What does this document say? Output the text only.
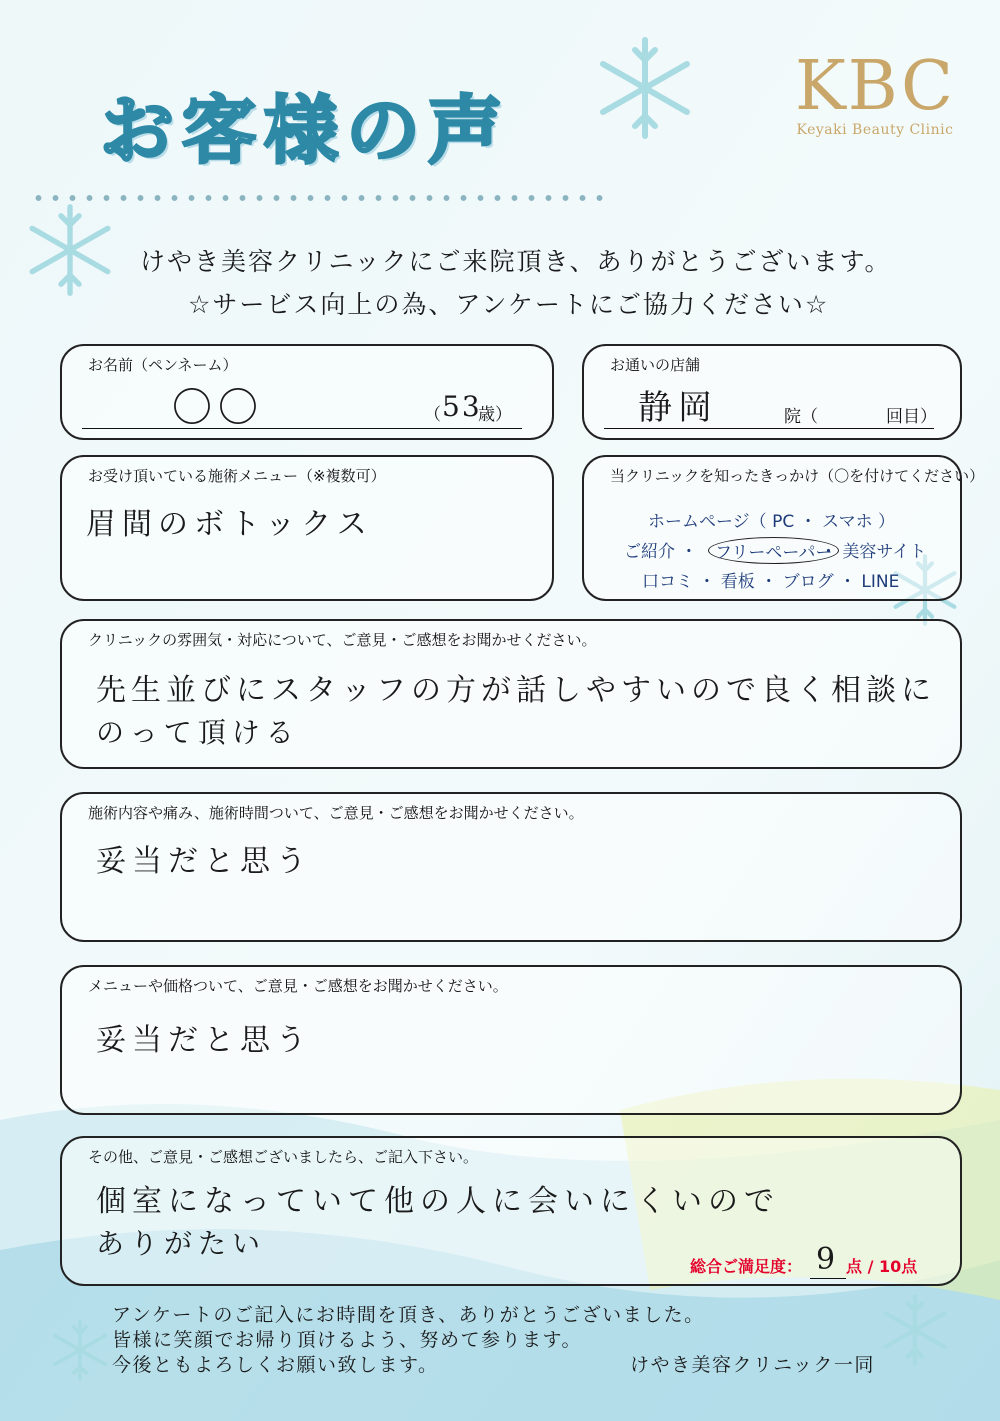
お客様の声
KBC
Keyaki Beauty Clinic
けやき美容クリニックにご来院頂き、ありがとうございます。
☆サービス向上の為、アンケートにご協力ください☆
お名前（ペンネーム）
〇〇	（ 53
歳）
お通いの店舗
静岡	院（　　　　回目）
お受け頂いている施術メニュー（※複数可）
眉間のボトックス
当クリニックを知ったきっかけ（〇を付けてください）
ホームページ（ PC ・ スマホ ）
ご紹介 ・	フリーペーパー
・ 美容サイト
口コミ ・ 看板 ・ ブログ ・ LINE
クリニックの雰囲気・対応について、ご意見・ご感想をお聞かせください。
先生並びにスタッフの方が話しやすいので良く相談に
のって頂ける
施術内容や痛み、施術時間ついて、ご意見・ご感想をお聞かせください。
妥当だと思う
メニューや価格ついて、ご意見・ご感想をお聞かせください。
妥当だと思う
その他、ご意見・ご感想ございましたら、ご記入下さい。
個室になっていて他の人に会いにくいので
ありがたい
総合ご満足度： 9 点 / 10点
アンケートのご記入にお時間を頂き、ありがとうございました。
皆様に笑顔でお帰り頂けるよう、努めて参ります。
今後ともよろしくお願い致します。	けやき美容クリニック一同
